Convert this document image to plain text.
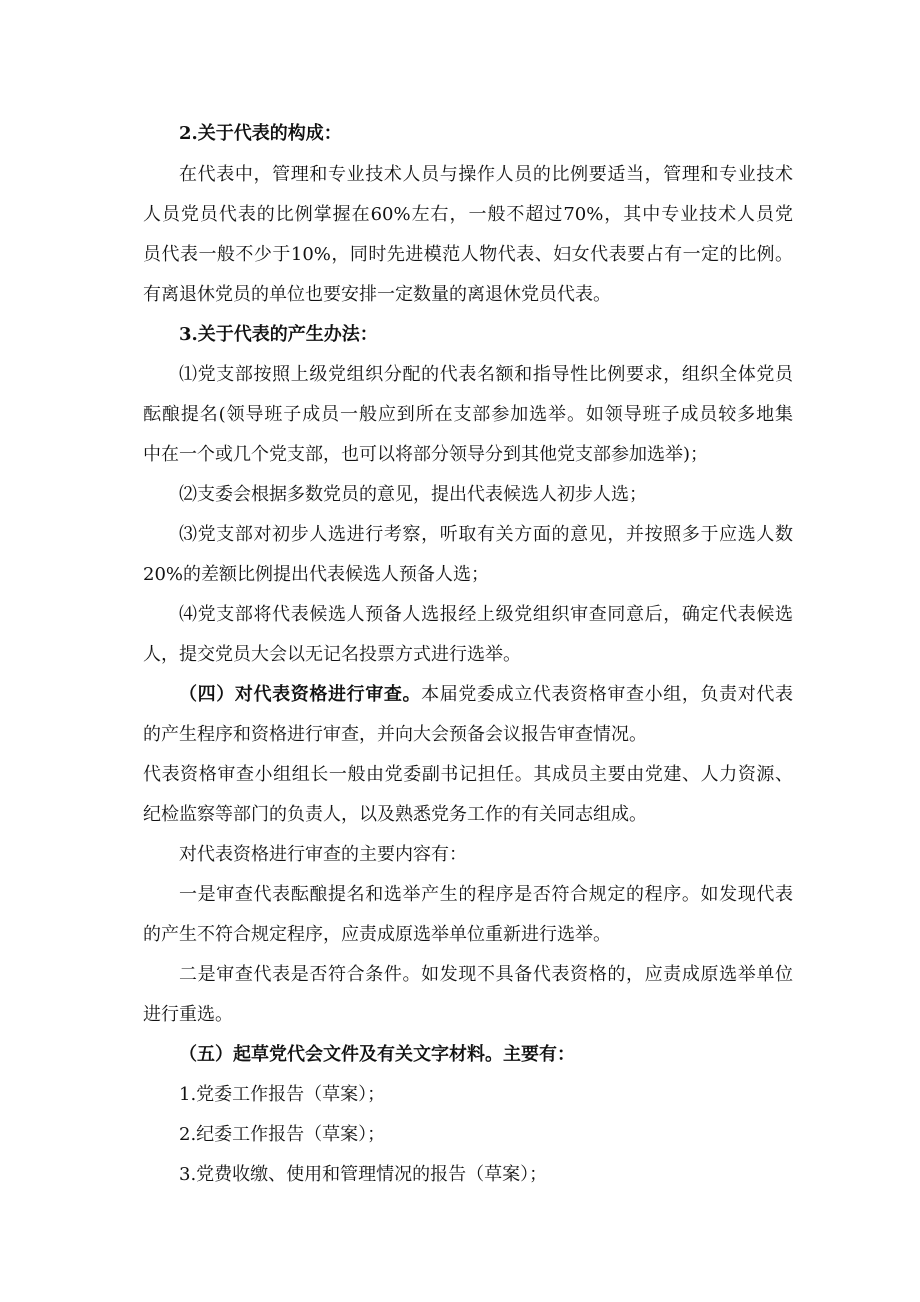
2.关于代表的构成：
在代表中，管理和专业技术人员与操作人员的比例要适当，管理和专业技术
人员党员代表的比例掌握在60%左右，一般不超过70%，其中专业技术人员党
员代表一般不少于10%，同时先进模范人物代表、妇女代表要占有一定的比例。
有离退休党员的单位也要安排一定数量的离退休党员代表。
3.关于代表的产生办法：
⑴党支部按照上级党组织分配的代表名额和指导性比例要求，组织全体党员
酝酿提名(领导班子成员一般应到所在支部参加选举。如领导班子成员较多地集
中在一个或几个党支部，也可以将部分领导分到其他党支部参加选举)；
⑵支委会根据多数党员的意见，提出代表候选人初步人选；
⑶党支部对初步人选进行考察，听取有关方面的意见，并按照多于应选人数
20%的差额比例提出代表候选人预备人选；
⑷党支部将代表候选人预备人选报经上级党组织审查同意后，确定代表候选
人，提交党员大会以无记名投票方式进行选举。
（四）对代表资格进行审查。本届党委成立代表资格审查小组，负责对代表
的产生程序和资格进行审查，并向大会预备会议报告审查情况。
代表资格审查小组组长一般由党委副书记担任。其成员主要由党建、人力资源、
纪检监察等部门的负责人，以及熟悉党务工作的有关同志组成。
对代表资格进行审查的主要内容有：
一是审查代表酝酿提名和选举产生的程序是否符合规定的程序。如发现代表
的产生不符合规定程序，应责成原选举单位重新进行选举。
二是审查代表是否符合条件。如发现不具备代表资格的，应责成原选举单位
进行重选。
（五）起草党代会文件及有关文字材料。主要有：
1.党委工作报告（草案）；
2.纪委工作报告（草案）；
3.党费收缴、使用和管理情况的报告（草案）；
